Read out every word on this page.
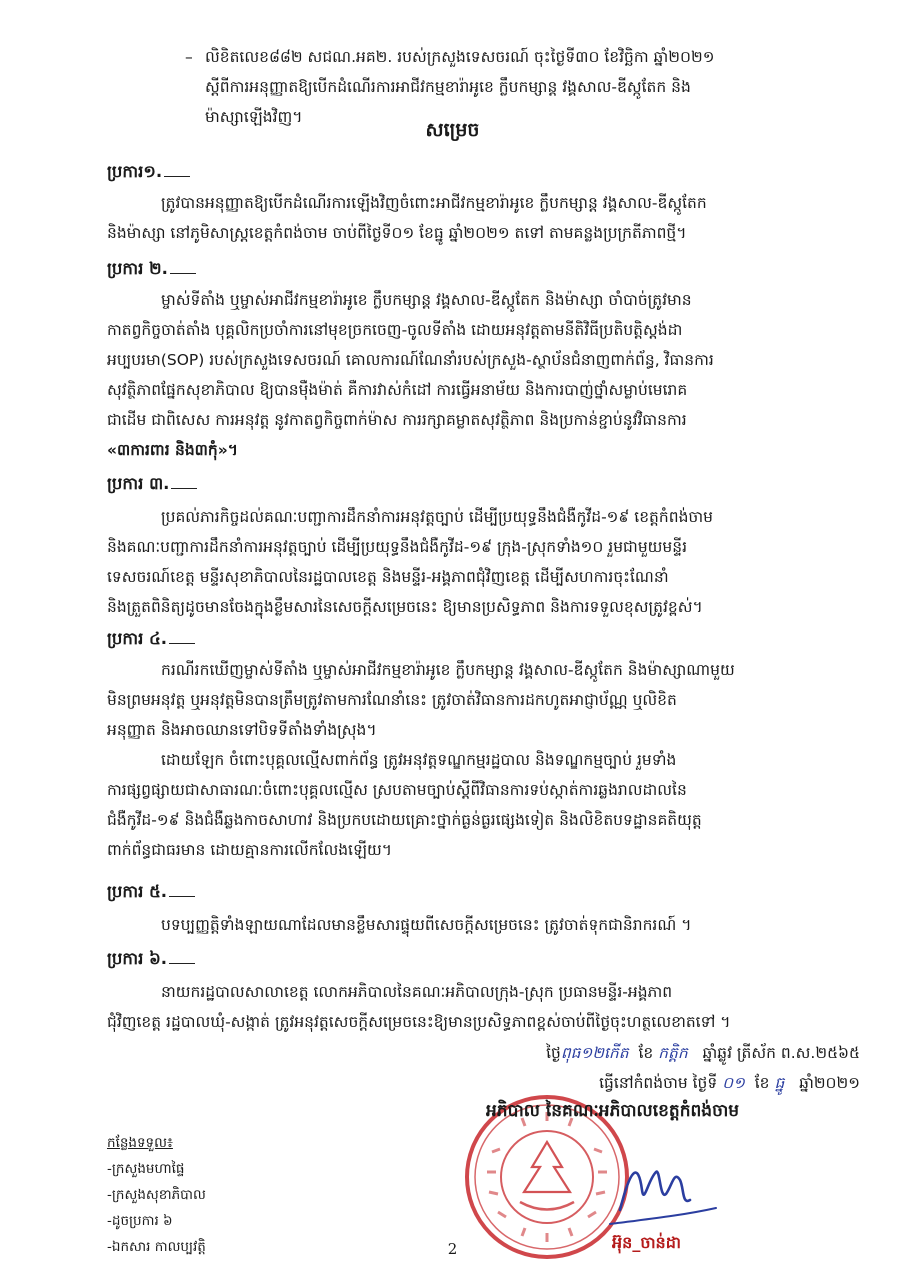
– លិខិតលេខ៨៨២ សជណ.អគ២. របស់ក្រសួងទេសចរណ៍ ចុះថ្ងៃទី៣០ ខែវិច្ឆិកា ឆ្នាំ២០២១
ស្តីពីការអនុញ្ញាតឱ្យបើកដំណើរការអាជីវកម្មខារ៉ាអូខេ ក្លឹបកម្សាន្ត វង្គសាល-ឌីស្កូតែក និង
ម៉ាស្សាឡើងវិញ។
សម្រេច
ប្រការ១.
ត្រូវបានអនុញ្ញាតឱ្យបើកដំណើរការឡើងវិញចំពោះអាជីវកម្មខារ៉ាអូខេ ក្លឹបកម្សាន្ត វង្គសាល-ឌីស្កូតែក
និងម៉ាស្សា នៅភូមិសាស្ត្រខេត្តកំពង់ចាម ចាប់ពីថ្ងៃទី០១ ខែធ្នូ ឆ្នាំ២០២១ តទៅ តាមគន្លងប្រក្រតីភាពថ្មី។
ប្រការ ២.
ម្ចាស់ទីតាំង ឬម្ចាស់អាជីវកម្មខារ៉ាអូខេ ក្លឹបកម្សាន្ត វង្គសាល-ឌីស្កូតែក និងម៉ាស្សា ចាំបាច់ត្រូវមាន
កាតព្វកិច្ចចាត់តាំង បុគ្គលិកប្រចាំការនៅមុខច្រកចេញ-ចូលទីតាំង ដោយអនុវត្តតាមនីតិវិធីប្រតិបត្តិស្តង់ដា
អប្បបរមា(SOP) របស់ក្រសួងទេសចរណ៍ គោលការណ៍ណែនាំរបស់ក្រសួង-ស្ថាប័នជំនាញពាក់ព័ន្ធ, វិធានការ
សុវត្ថិភាពផ្នែកសុខាភិបាល ឱ្យបានម៉ឺងម៉ាត់ គឺការវាស់កំដៅ ការធ្វើអនាម័យ និងការបាញ់ថ្នាំសម្លាប់មេរោគ
ជាដើម ជាពិសេស ការអនុវត្ត នូវកាតព្វកិច្ចពាក់ម៉ាស ការរក្សាគម្លាតសុវត្ថិភាព និងប្រកាន់ខ្ជាប់នូវវិធានការ
«៣ការពារ និង៣កុំ»។
ប្រការ ៣.
ប្រគល់ភារកិច្ចដល់គណៈបញ្ជាការដឹកនាំការអនុវត្តច្បាប់ ដើម្បីប្រយុទ្ធនឹងជំងឺកូវីដ-១៩ ខេត្តកំពង់ចាម
និងគណៈបញ្ជាការដឹកនាំការអនុវត្តច្បាប់ ដើម្បីប្រយុទ្ធនឹងជំងឺកូវីដ-១៩ ក្រុង-ស្រុកទាំង១០ រួមជាមួយមន្ទីរ
ទេសចរណ៍ខេត្ត មន្ទីរសុខាភិបាលនៃរដ្ឋបាលខេត្ត និងមន្ទីរ-អង្គភាពជុំវិញខេត្ត ដើម្បីសហការចុះណែនាំ
និងត្រួតពិនិត្យដូចមានចែងក្នុងខ្លឹមសារនៃសេចក្តីសម្រេចនេះ ឱ្យមានប្រសិទ្ធភាព និងការទទួលខុសត្រូវខ្ពស់។
ប្រការ ៤.
ករណីរកឃើញម្ចាស់ទីតាំង ឬម្ចាស់អាជីវកម្មខារ៉ាអូខេ ក្លឹបកម្សាន្ត វង្គសាល-ឌីស្កូតែក និងម៉ាស្សាណាមួយ
មិនព្រមអនុវត្ត ឬអនុវត្តមិនបានត្រឹមត្រូវតាមការណែនាំនេះ ត្រូវចាត់វិធានការដកហូតអាជ្ញាប័ណ្ណ ឬលិខិត
អនុញ្ញាត និងអាចឈានទៅបិទទីតាំងទាំងស្រុង។
ដោយឡែក ចំពោះបុគ្គលល្មើសពាក់ព័ន្ធ ត្រូវអនុវត្តទណ្ឌកម្មរដ្ឋបាល និងទណ្ឌកម្មច្បាប់ រួមទាំង
ការផ្សព្វផ្សាយជាសាធារណៈចំពោះបុគ្គលល្មើស ស្របតាមច្បាប់ស្តីពីវិធានការទប់ស្កាត់ការឆ្លងរាលដាលនៃ
ជំងឺកូវីដ-១៩ និងជំងឺឆ្លងកាចសាហាវ និងប្រកបដោយគ្រោះថ្នាក់ធ្ងន់ធ្ងរផ្សេងទៀត និងលិខិតបទដ្ឋានគតិយុត្ត
ពាក់ព័ន្ធជាធរមាន ដោយគ្មានការលើកលែងឡើយ។
ប្រការ ៥.
បទប្បញ្ញត្តិទាំងឡាយណាដែលមានខ្លឹមសារផ្ទុយពីសេចក្តីសម្រេចនេះ ត្រូវចាត់ទុកជានិរាករណ៍ ។
ប្រការ ៦.
នាយករដ្ឋបាលសាលាខេត្ត លោកអភិបាលនៃគណៈអភិបាលក្រុង-ស្រុក ប្រធានមន្ទីរ-អង្គភាព
ជុំវិញខេត្ត រដ្ឋបាលឃុំ-សង្កាត់ ត្រូវអនុវត្តសេចក្តីសម្រេចនេះឱ្យមានប្រសិទ្ធភាពខ្ពស់ចាប់ពីថ្ងៃចុះហត្ថលេខាតទៅ ។
ថ្ងៃពុធ១២កេីត ខែ កត្តិក ឆ្នាំឆ្លូវ ត្រីស័ក ព.ស.២៥៦៥
ធ្វើនៅកំពង់ចាម ថ្ងៃទី ០១ ខែ ធ្នូ ឆ្នាំ២០២១
អភិបាល នៃគណៈអភិបាលខេត្តកំពង់ចាម
អ៊ុន_ចាន់ដា
កន្លែងទទួល៖
-ក្រសួងមហាផ្ទៃ
-ក្រសួងសុខាភិបាល
-ដូចប្រការ ៦
-ឯកសារ កាលប្បវត្តិ	2
